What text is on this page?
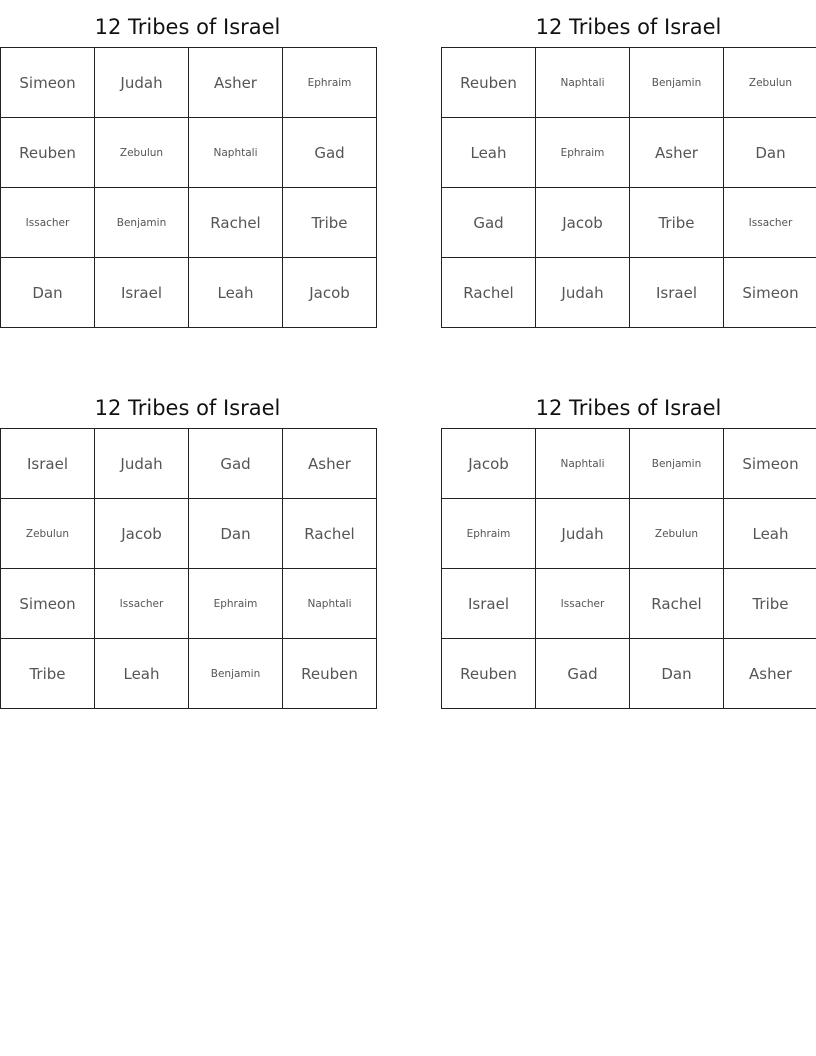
12 Tribes of Israel
Simeon	Judah	Asher	Ephraim
Reuben	Zebulun	Naphtali	Gad
Issacher	Benjamin	Rachel	Tribe
Dan	Israel	Leah	Jacob
12 Tribes of Israel
Reuben	Naphtali	Benjamin	Zebulun
Leah	Ephraim	Asher	Dan
Gad	Jacob	Tribe	Issacher
Rachel	Judah	Israel	Simeon
12 Tribes of Israel
Israel	Judah	Gad	Asher
Zebulun	Jacob	Dan	Rachel
Simeon	Issacher	Ephraim	Naphtali
Tribe	Leah	Benjamin	Reuben
12 Tribes of Israel
Jacob	Naphtali	Benjamin	Simeon
Ephraim	Judah	Zebulun	Leah
Israel	Issacher	Rachel	Tribe
Reuben	Gad	Dan	Asher
